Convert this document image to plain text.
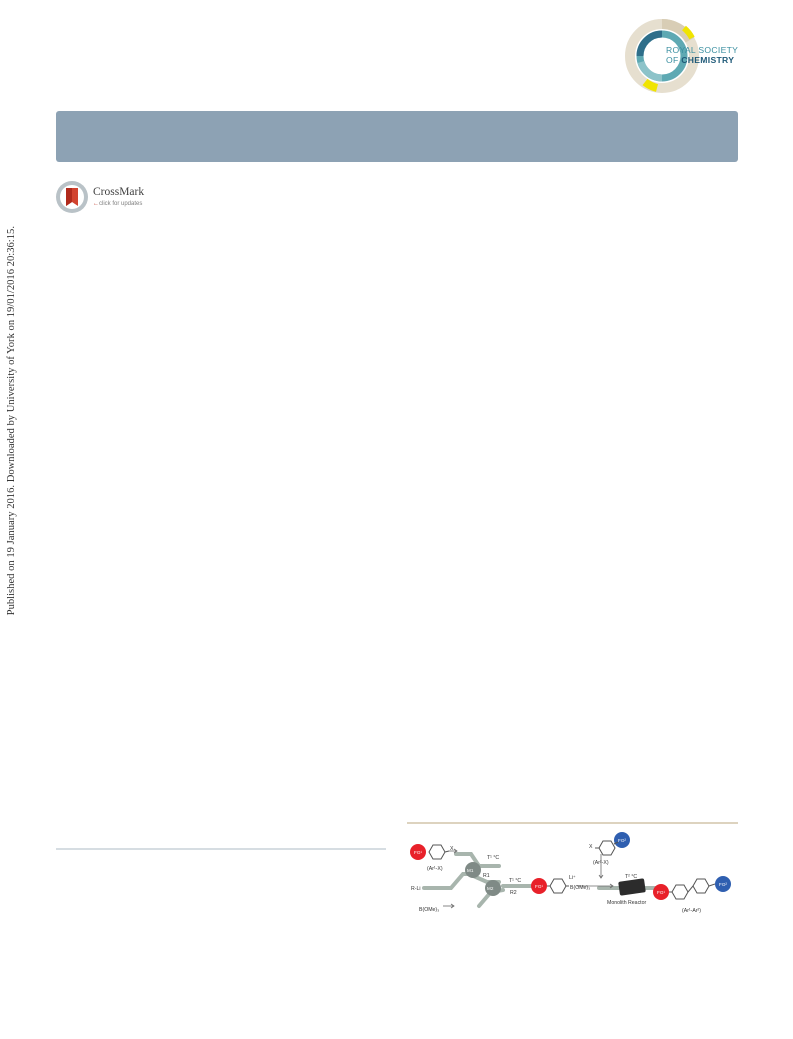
ROYAL SOCIETY
OF CHEMISTRY
CrossMark
←click for updates
Published on 19 January 2016. Downloaded by University of York on 19/01/2016 20:36:15.
FG¹
FG¹
FG¹
FG²
FG²
X
(Ar¹-X)
R-Li
B(OMe)₃
M1
M2
R1
R2
T¹ °C
T¹ °C	Li⁺
B(OMe)₃
X
(Ar²-X)
T² °C
Monolith Reactor
(Ar¹-Ar²)
